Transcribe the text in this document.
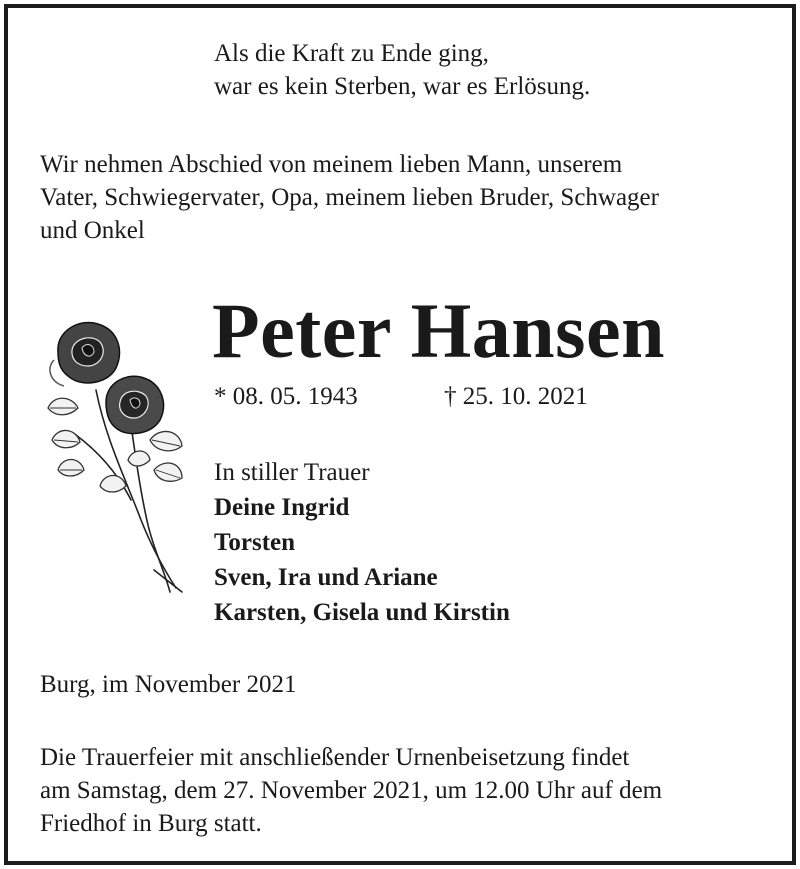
Als die Kraft zu Ende ging,
war es kein Sterben, war es Erlösung.
Wir nehmen Abschied von meinem lieben Mann, unserem
Vater, Schwiegervater, Opa, meinem lieben Bruder, Schwager
und Onkel
Peter Hansen
* 08. 05. 1943	† 25. 10. 2021
In stiller Trauer
Deine Ingrid
Torsten
Sven, Ira und Ariane
Karsten, Gisela und Kirstin
Burg, im November 2021
Die Trauerfeier mit anschließender Urnenbeisetzung findet
am Samstag, dem 27. November 2021, um 12.00 Uhr auf dem
Friedhof in Burg statt.
